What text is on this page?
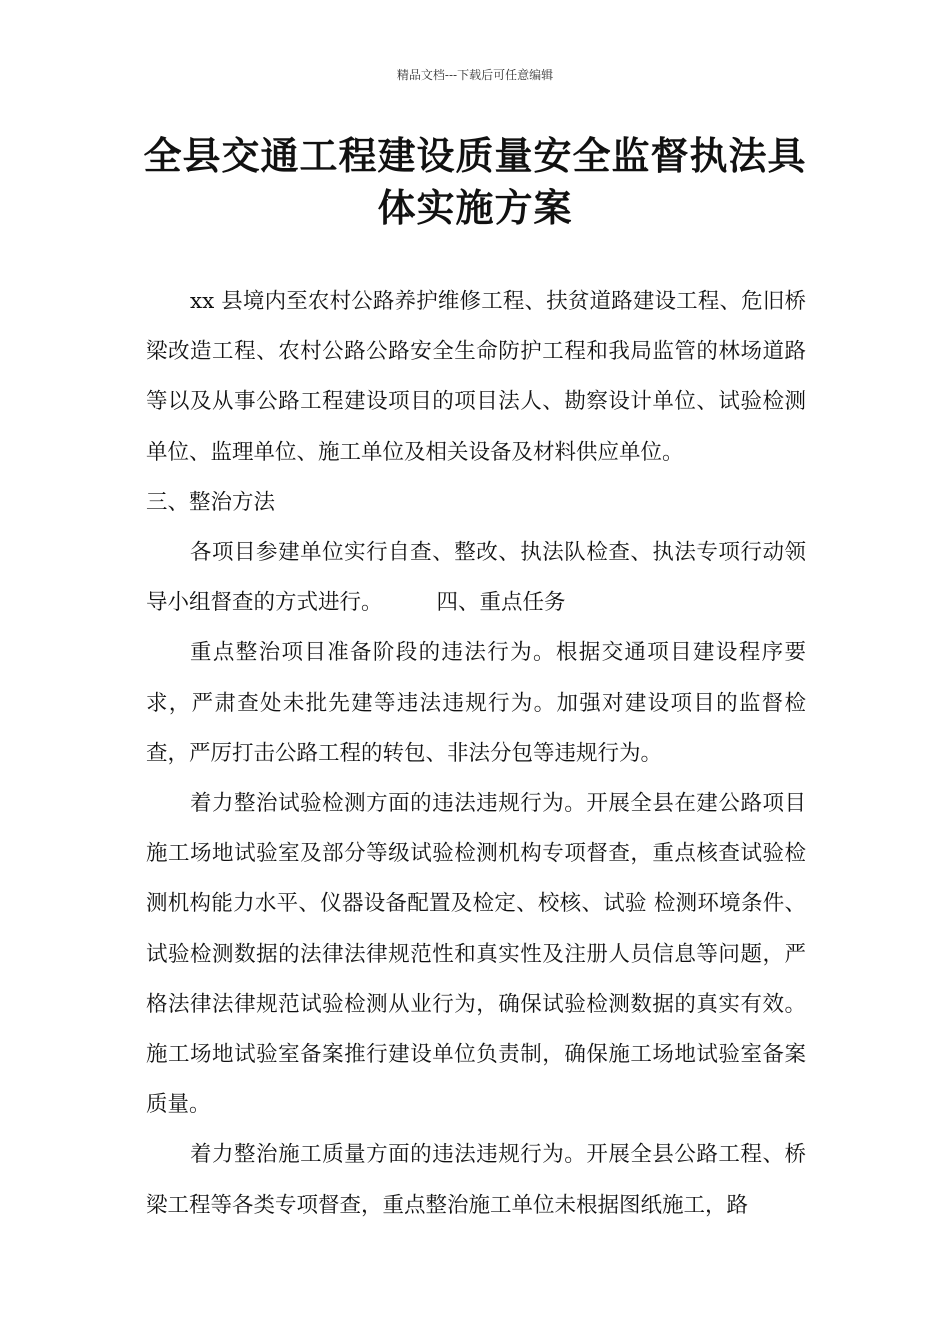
精品文档---下载后可任意编辑
全县交通工程建设质量安全监督执法具体实施方案

xx 县境内至农村公路养护维修工程、扶贫道路建设工程、危旧桥梁改造工程、农村公路公路安全生命防护工程和我局监管的林场道路等以及从事公路工程建设项目的项目法人、勘察设计单位、试验检测单位、监理单位、施工单位及相关设备及材料供应单位。

三、整治方法

各项目参建单位实行自查、整改、执法队检查、执法专项行动领导小组督查的方式进行。	四、重点任务

重点整治项目准备阶段的违法行为。根据交通项目建设程序要求，严肃查处未批先建等违法违规行为。加强对建设项目的监督检查，严厉打击公路工程的转包、非法分包等违规行为。

着力整治试验检测方面的违法违规行为。开展全县在建公路项目施工场地试验室及部分等级试验检测机构专项督查，重点核查试验检测机构能力水平、仪器设备配置及检定、校核、试验 检测环境条件、试验检测数据的法律法律规范性和真实性及注册人员信息等问题，严格法律法律规范试验检测从业行为，确保试验检测数据的真实有效。施工场地试验室备案推行建设单位负责制，确保施工场地试验室备案质量。

着力整治施工质量方面的违法违规行为。开展全县公路工程、桥梁工程等各类专项督查，重点整治施工单位未根据图纸施工，路
